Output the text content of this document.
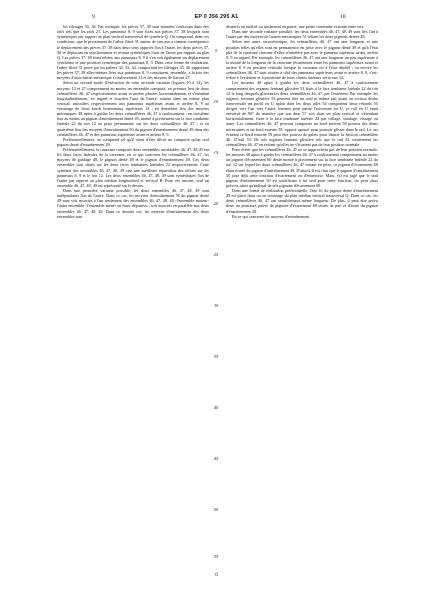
9	EP 0 356 295 A1	10

les filetages 35, 36. Par exemple, les pièces 37, 38 sont montées coulissant dans des rails tels que les rails 21. Les panneaux 8, 9 sont fixés aux pièces 37, 38 lesquels sont symétriques par rapport au plan vertical transversal de symétrie Q. On comprend, dans ces conditions, que le pivotement de l'arbre fileté 31 autour de son axe a comme conséquence le déplacement des pièces 37, 38 dans deux sens opposés l'un à l'autre, les deux pièces 37, 38 se déplaçant en synchronisme et restant symétriques l'une de l'autre par rapport au plan Q. Les pièces 37, 38 étant reliées aux panneaux 8, 9 il s'en suit également un déplacement synchrone et une position symétrique des panneaux 8, 9. Dans cette forme de réalisation, l'arbre fileté 31 porté par les paliers 32, 33, 34, comportant les filetages 35, 36 supportant les pièces 37, 38 elles-mêmes liées aux panneaux 8, 9 constituent, ensemble, à la fois des moyens d'association mécanique s'coulissement 13 et des moyens de liaison 27.

Selon un second mode d'exécution de cette seconde variante (figures 10 à 14), les moyens 13 et 27 comprennent au moins un ensemble composé, en premier lieu de deux crémaillères 46, 47 respectivement avant et arrière placées horizontalement et s'étendant longitudinalement, en regard et écartées l'une de l'autre, situées dans un même plan vertical, articulées respectivement aux panneaux supérieurs avant et arrière 8, 9 au voisinage de leurs bords horizontaux supérieurs 14 ; en deuxième lieu des moyens mécaniques 48 aptes à guider les deux crémaillères 46, 47 à coulissement ; en troisième lieu au moins un pignon d'entraînement denté 49, monté à pivotement sur la face tombante latérale 22 du toit 12 en prise permanente sur les deux crémaillères 46, 47 ; et en quatrième lieu des moyens d'entraînement 50 du pignon d'entraînement denté 49 dans des crémaillères 46, 47 et des panneaux supérieurs avant et arrière 8, 9.

Préférentiellement, on comprend tel qu'il vient d'être décrit ne comporte qu'un seul pignon denté d'entraînement 49.

Préférentiellement, la caravane comporte deux ensembles semblables 46, 47, 48 49 sur les deux faces latérales de la caravane, en ce qui concerne les crémaillères 46, 47, les moyens de guidage 48, le pignon denté 49 et le pignon d'entraînement 49. Ces deux ensembles sont situés sur les deux faces tombantes latérales 22 respectivement. Cette symétrie des ensembles 46, 47, 48, 49 vise une meilleure répartition des efforts sur les panneaux 8, 9 et le toit 12. Les deux ensembles 46, 47, 48, 49 sont symétriques l'un de l'autre par rapport au plan médian longitudinal et vertical R. Pour ces raisons, seul un ensemble 46, 47, 48, 49 est représenté sur le dessin.

Dans une première variante possible, les deux ensembles 46, 47, 48, 49 sont indépendants l'un de l'autre. Dans ce cas, les moyens d'entraînement 50 du pignon denté 49 sont soit associés à l'un seulement des ensembles 46, 47, 48, 49 -l'ensemble moteur- l'autre ensemble -l'ensemble mené- en étant dépourvu ; soit associés en parallèle aux deux ensembles 46, 47, 48, 49. Dans ce dernier cas, les moyens d'entraînement des deux ensembles sont

5
10
15
20
25
30
35
40
45
50
55

distincts en totalité ou seulement en partie, une partie commune existant entre eux.

Dans une seconde variante possible, les deux ensembles 46, 47, 48, 49 sont liés l'un à l'autre par des moyens de liaison mécaniques 51 reliant les deux pignons dentés 49.

Selon une autre caractéristique, les crémaillères 46, 47 ont une longueur et une position telles qu'elles sont en permanence en prise avec le pignon denté 49 et qu'à l'état plié de la caravane chacune d'elles n'interfère pas avec le panneau supérieur avant, arrière 8, 9 en regard. Par exemple, les crémaillères 46, 47 ont une longueur un peu supérieure à la moitié de la longueur de la caravane (écartement entre les panneaux supérieurs avant et arrière 8, 9 en position verticale lorsque la caravane est à l'état déplié) ; ou encore les crémaillères 46, 47 sont situées à côté des panneaux supérieurs avant et arrière 8, 9, c'est-à-dire à l'extérieur et à proximité de leurs chants latéraux verticaux 52.

Les moyens 48 aptes à guider les deux crémaillères 46, 47 à coulissement comprennent des organes formant glissière 53 fixés à la face tombante latérale 22 du toit 12 le long desquels glissent les deux crémaillères 46, 47, par l'extérieur. Par exemple, les organes formant glissière 53 peuvent être un seul et même rail ayant en section droite transversale un profil en U aplati dont les deux ailes 54 comportent deux rebords 55 dirigés vers l'un vers l'autre formant pour partie l'ouverture en U, ce rail en U étant renversé de 90° de manière que son âme 57 soit dans un plan vertical et s'étendant horizontalement, fixée à la face tombante latérale 22 par collage, soudage, vissage ou autre. Les crémaillères 46, 47 peuvent comporter un bord interne 58 pourvu des dents nécessaires et un bord externe 59, opposé agencé pour pouvoir glisser dans le rail. Le cas échéant ce bord externe 59 peut être pourvu de galets pour limiter la friction crémaillère 46, 47/rail 53. De tels organes formant glissière tels que le rail 53 contiennent les crémaillères 46, 47 en évitant qu'elles ne s'écartent pas de leur position normale.

Pour éviter que les crémaillères 46, 47 ne se rapprochent pas de leur position normale, les moyens 48 aptes à guider les crémaillères 46, 47 à coulissement comprennent au moins un pignon d'écartement 60 denté monté à pivotement sur la face tombante latérale 22 du toit 12 sur lequel les deux crémaillères 46, 47 venant en prise, ce pignon d'écartement 60 étant écarté du pignon d'entraînement 49. D'abord, il est clair que le pignon d'entraînement 50 joue déjà cette fonction d'écartement ou d'entretoise. Mais, s'il est jugé que le seul pignon d'entraînement 50 est insuffisant à lui seul pour cette fonction, on peut alors prévoir, ainsi qu'indiqué de tels pignons d'écartement 60.

Dans une forme de réalisation préférentielle, l'axe 61 du pignon denté d'entraînement 49 est placé dans ou au voisinage du plan médian vertical transversal Q. Dans ce cas, les deux crémaillères 46, 47 ont sensiblement même longueur. De plus, il peut être prévu deux ou plusieurs paires de pignons d'écartement 60 situés de part et d'autre du pignon d'entraînement 49.

En ce qui concerne les moyens d'entraînement

6
